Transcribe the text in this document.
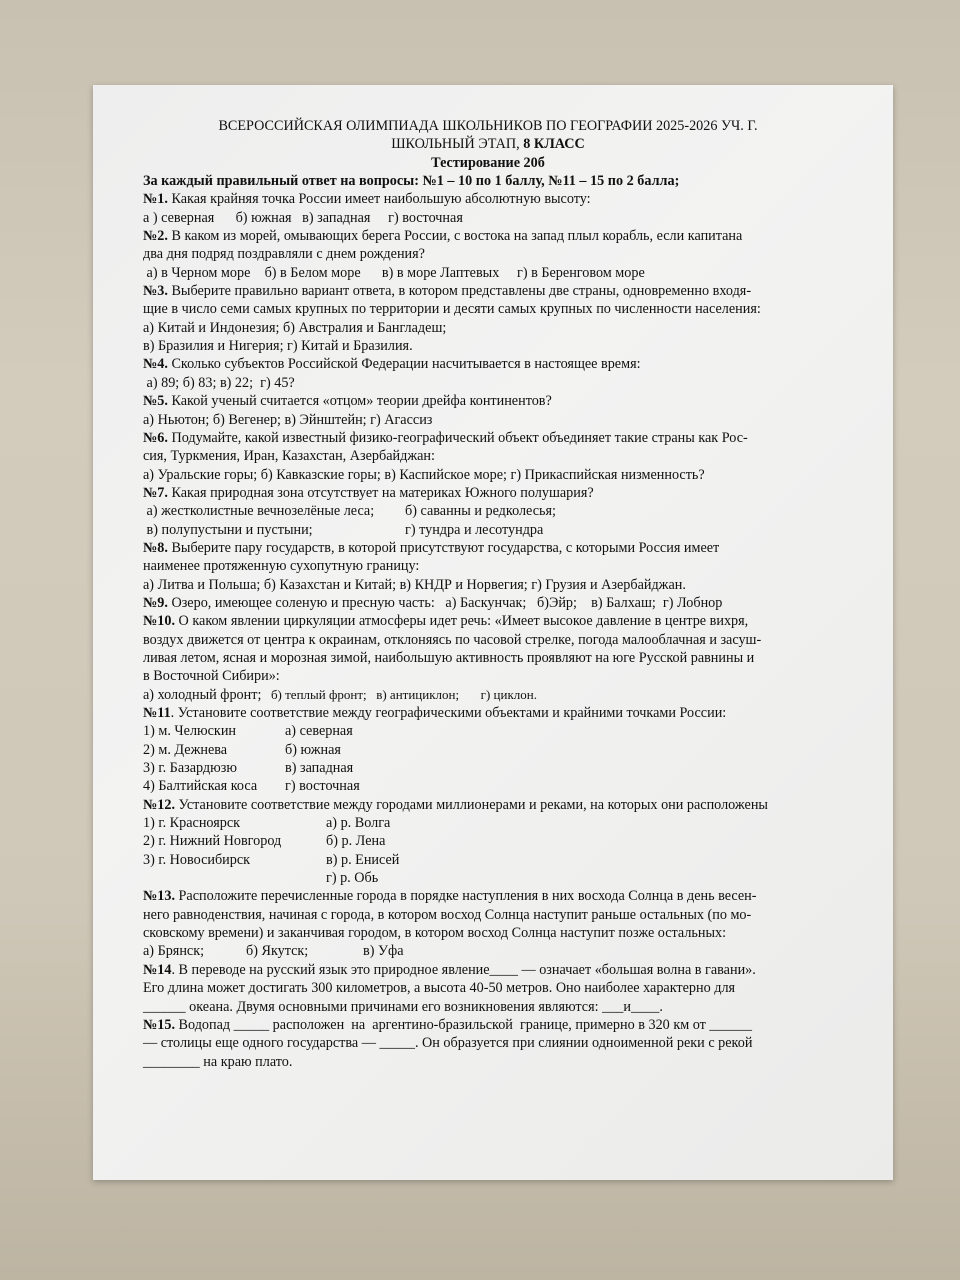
ВСЕРОССИЙСКАЯ ОЛИМПИАДА ШКОЛЬНИКОВ ПО ГЕОГРАФИИ 2025-2026 УЧ. Г.
ШКОЛЬНЫЙ ЭТАП, 8 КЛАСС
Тестирование 20б
За каждый правильный ответ на вопросы: №1 – 10 по 1 баллу, №11 – 15 по 2 балла;
№1. Какая крайняя точка России имеет наибольшую абсолютную высоту:
а ) северная      б) южная   в) западная     г) восточная
№2. В каком из морей, омывающих берега России, с востока на запад плыл корабль, если капитана
два дня подряд поздравляли с днем рождения?
а) в Черном море    б) в Белом море      в) в море Лаптевых     г) в Беренговом море
№3. Выберите правильно вариант ответа, в котором представлены две страны, одновременно входя-
щие в число семи самых крупных по территории и десяти самых крупных по численности населения:
а) Китай и Индонезия; б) Австралия и Бангладеш;
в) Бразилия и Нигерия; г) Китай и Бразилия.
№4. Сколько субъектов Российской Федерации насчитывается в настоящее время:
а) 89; б) 83; в) 22;  г) 45?
№5. Какой ученый считается «отцом» теории дрейфа континентов?
а) Ньютон; б) Вегенер; в) Эйнштейн; г) Агассиз
№6. Подумайте, какой известный физико-географический объект объединяет такие страны как Рос-
сия, Туркмения, Иран, Казахстан, Азербайджан:
а) Уральские горы; б) Кавказские горы; в) Каспийское море; г) Прикаспийская низменность?
№7. Какая природная зона отсутствует на материках Южного полушария?
а) жестколистные вечнозелёные леса; б) саванны и редколесья;
в) полупустыни и пустыни;	г) тундра и лесотундра
№8. Выберите пару государств, в которой присутствуют государства, с которыми Россия имеет
наименее протяженную сухопутную границу:
а) Литва и Польша; б) Казахстан и Китай; в) КНДР и Норвегия; г) Грузия и Азербайджан.
№9. Озеро, имеющее соленую и пресную часть:   а) Баскунчак;   б)Эйр;    в) Балхаш;  г) Лобнор
№10. О каком явлении циркуляции атмосферы идет речь: «Имеет высокое давление в центре вихря,
воздух движется от центра к окраинам, отклоняясь по часовой стрелке, погода малооблачная и засуш-
ливая летом, ясная и морозная зимой, наибольшую активность проявляют на юге Русской равнины и
в Восточной Сибири»:
а) холодный фронт; б) теплый фронт; в) антициклон; г) циклон.
№11. Установите соответствие между географическими объектами и крайними точками России:
1) м. Челюскин	а) северная
2) м. Дежнева	б) южная
3) г. Базардюзю	в) западная
4) Балтийская коса г) восточная
№12. Установите соответствие между городами миллионерами и реками, на которых они расположены
1) г. Красноярск	а) р. Волга
2) г. Нижний Новгород	б) р. Лена
3) г. Новосибирск	в) р. Енисей
г) р. Обь
№13. Расположите перечисленные города в порядке наступления в них восхода Солнца в день весен-
него равноденствия, начиная с города, в котором восход Солнца наступит раньше остальных (по мо-
сковскому времени) и заканчивая городом, в котором восход Солнца наступит позже остальных:
а) Брянск;	б) Якутск;	в) Уфа
№14. В переводе на русский язык это природное явление____ — означает «большая волна в гавани».
Его длина может достигать 300 километров, а высота 40-50 метров. Оно наиболее характерно для
______ океана. Двумя основными причинами его возникновения являются: ___и____.
№15. Водопад _____ расположен  на  аргентино-бразильской  границе, примерно в 320 км от ______
— столицы еще одного государства — _____. Он образуется при слиянии одноименной реки с рекой
________ на краю плато.
